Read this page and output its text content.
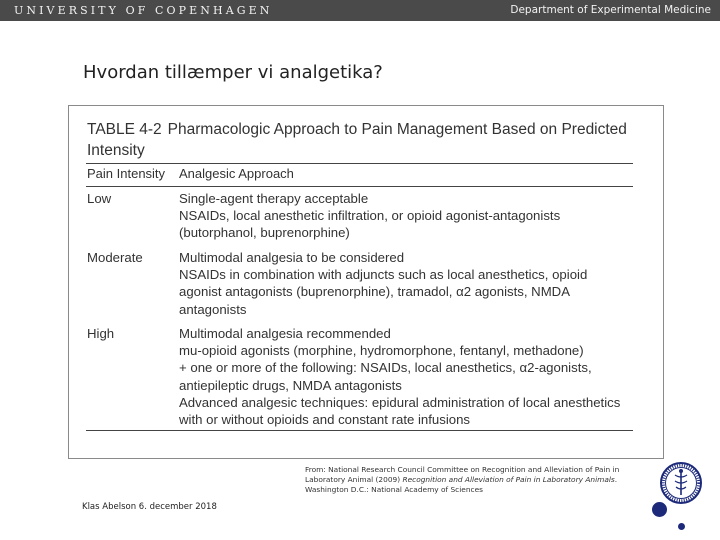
UNIVERSITY OF COPENHAGEN	Department of Experimental Medicine
Hvordan tillæmper vi analgetika?
TABLE 4-2 Pharmacologic Approach to Pain Management Based on Predicted Intensity
Pain Intensity Analgesic Approach
Low	Single-agent therapy acceptable
NSAIDs, local anesthetic infiltration, or opioid agonist-antagonists
(butorphanol, buprenorphine)
Moderate	Multimodal analgesia to be considered
NSAIDs in combination with adjuncts such as local anesthetics, opioid
agonist antagonists (buprenorphine), tramadol, α2 agonists, NMDA
antagonists
High	Multimodal analgesia recommended
mu-opioid agonists (morphine, hydromorphone, fentanyl, methadone)
+ one or more of the following: NSAIDs, local anesthetics, α2-agonists,
antiepileptic drugs, NMDA antagonists
Advanced analgesic techniques: epidural administration of local anesthetics
with or without opioids and constant rate infusions
From: National Research Council Committee on Recognition and Alleviation of Pain in Laboratory Animal (2009) Recognition and Alleviation of Pain in Laboratory Animals. Washington D.C.: National Academy of Sciences
Klas Abelson 6. december 2018
